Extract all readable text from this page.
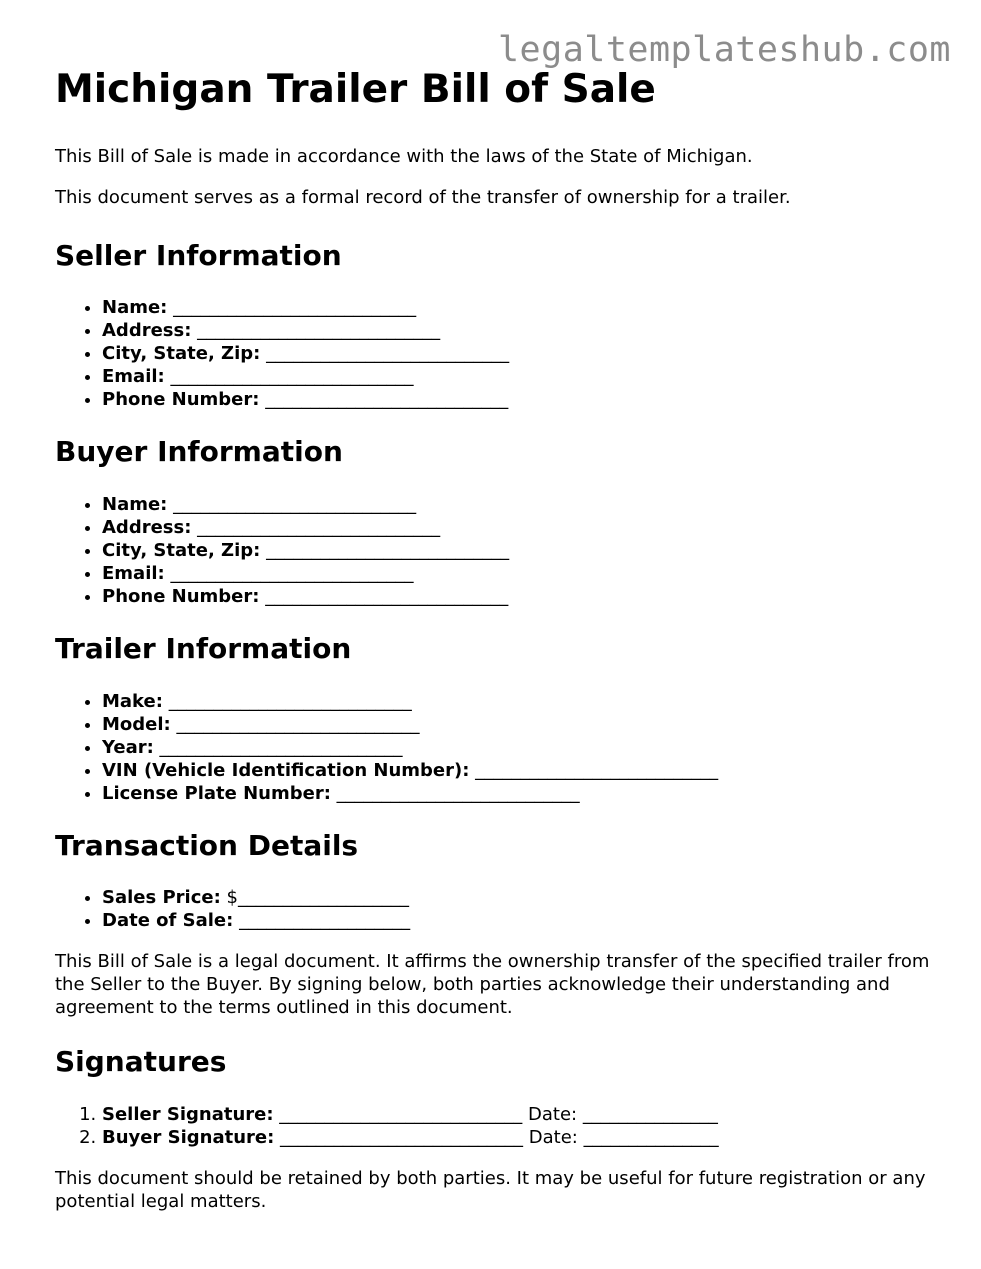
legaltemplateshub.com
Michigan Trailer Bill of Sale

This Bill of Sale is made in accordance with the laws of the State of Michigan.

This document serves as a formal record of the transfer of ownership for a trailer.

Seller Information
• Name: ___________________________
• Address: ___________________________
• City, State, Zip: ___________________________
• Email: ___________________________
• Phone Number: ___________________________
Buyer Information
• Name: ___________________________
• Address: ___________________________
• City, State, Zip: ___________________________
• Email: ___________________________
• Phone Number: ___________________________
Trailer Information
• Make: ___________________________
• Model: ___________________________
• Year: ___________________________
• VIN (Vehicle Identification Number): ___________________________
• License Plate Number: ___________________________
Transaction Details
• Sales Price: $___________________
• Date of Sale: ___________________

This Bill of Sale is a legal document. It affirms the ownership transfer of the specified trailer from the Seller to the Buyer. By signing below, both parties acknowledge their understanding and agreement to the terms outlined in this document.

Signatures
1. Seller Signature: ___________________________ Date: _______________
2. Buyer Signature: ___________________________ Date: _______________

This document should be retained by both parties. It may be useful for future registration or any potential legal matters.
